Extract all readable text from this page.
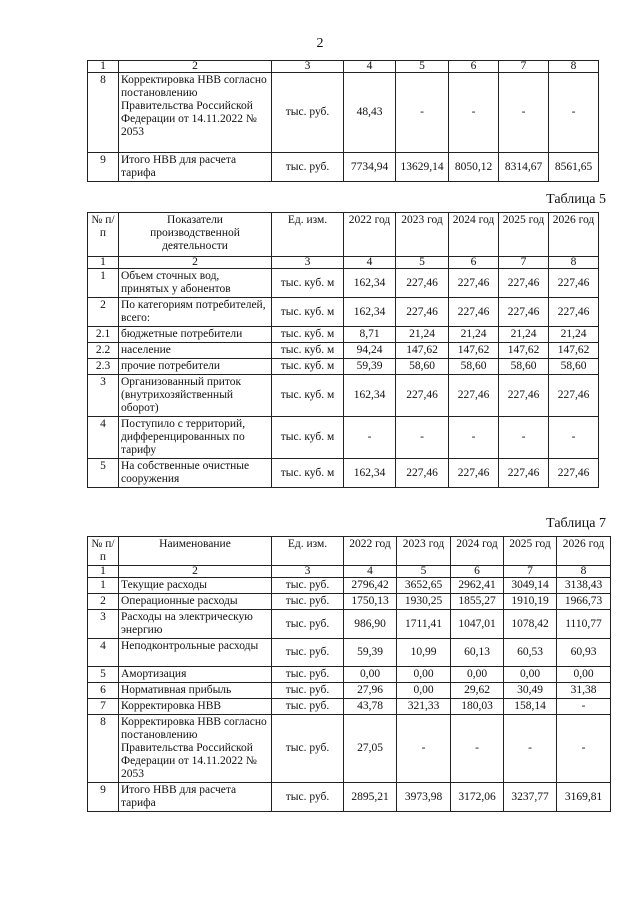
2
1	2	3	4	5	6	7	8
8	Корректировка НВВ согласно постановлению Правительства Российской Федерации от 14.11.2022 № 2053	тыс. руб.	48,43	-	-	-	-
9	Итого НВВ для расчета тарифа	тыс. руб.	7734,94	13629,14	8050,12	8314,67	8561,65
Таблица 5
№ п/п	Показатели производственной деятельности	Ед. изм.	2022 год	2023 год	2024 год	2025 год	2026 год
1	2	3	4	5	6	7	8
1	Объем сточных вод, принятых у абонентов	тыс. куб. м	162,34	227,46	227,46	227,46	227,46
2	По категориям потребителей, всего:	тыс. куб. м	162,34	227,46	227,46	227,46	227,46
2.1	бюджетные потребители	тыс. куб. м	8,71	21,24	21,24	21,24	21,24
2.2	население	тыс. куб. м	94,24	147,62	147,62	147,62	147,62
2.3	прочие потребители	тыс. куб. м	59,39	58,60	58,60	58,60	58,60
3	Организованный приток (внутрихозяйственный оборот)	тыс. куб. м	162,34	227,46	227,46	227,46	227,46
4	Поступило с территорий, дифференцированных по тарифу	тыс. куб. м	-	-	-	-	-
5	На собственные очистные сооружения	тыс. куб. м	162,34	227,46	227,46	227,46	227,46
Таблица 7
№ п/п	Наименование	Ед. изм.	2022 год	2023 год	2024 год	2025 год	2026 год
1	2	3	4	5	6	7	8
1	Текущие расходы	тыс. руб.	2796,42	3652,65	2962,41	3049,14	3138,43
2	Операционные расходы	тыс. руб.	1750,13	1930,25	1855,27	1910,19	1966,73
3	Расходы на электрическую энергию	тыс. руб.	986,90	1711,41	1047,01	1078,42	1110,77
4	Неподконтрольные расходы	тыс. руб.	59,39	10,99	60,13	60,53	60,93
5	Амортизация	тыс. руб.	0,00	0,00	0,00	0,00	0,00
6	Нормативная прибыль	тыс. руб.	27,96	0,00	29,62	30,49	31,38
7	Корректировка НВВ	тыс. руб.	43,78	321,33	180,03	158,14	-
8	Корректировка НВВ согласно постановлению Правительства Российской Федерации от 14.11.2022 № 2053	тыс. руб.	27,05	-	-	-	-
9	Итого НВВ для расчета тарифа	тыс. руб.	2895,21	3973,98	3172,06	3237,77	3169,81
